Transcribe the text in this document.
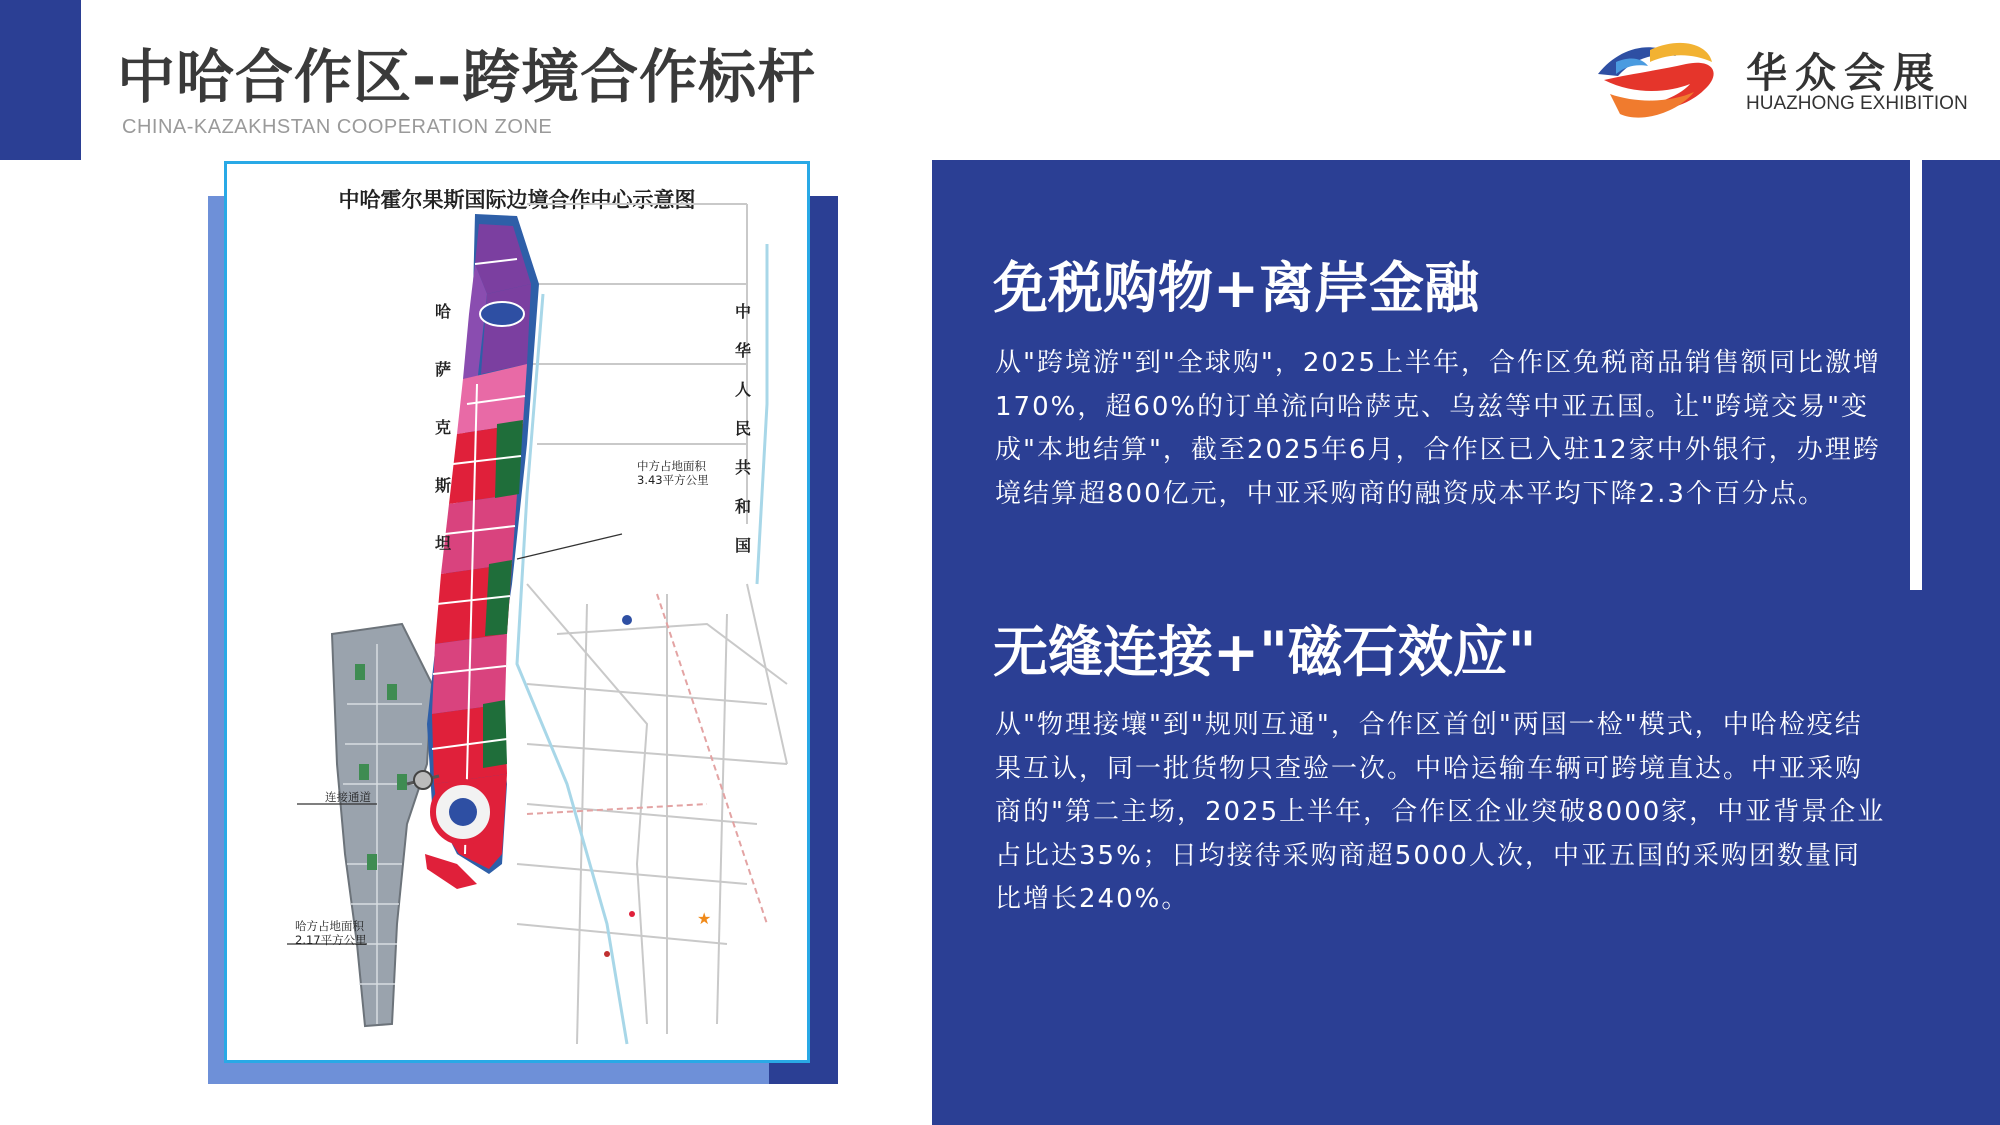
中哈合作区--跨境合作标杆
CHINA-KAZAKHSTAN COOPERATION ZONE
华众会展
HUAZHONG EXHIBITION
中哈霍尔果斯国际边境合作中心示意图
★
哈
萨
克
斯
坦
中
华
人
民
共
和
国
中方占地面积
3.43平方公里
连接通道
哈方占地面积
2.17平方公里
免税购物+离岸金融

从"跨境游"到"全球购"，2025上半年，合作区免税商品销售额同比激增170%，超60%的订单流向哈萨克、乌兹等中亚五国。让"跨境交易"变成"本地结算"，截至2025年6月，合作区已入驻12家中外银行，办理跨境结算超800亿元，中亚采购商的融资成本平均下降2.3个百分点。

无缝连接+"磁石效应"

从"物理接壤"到"规则互通"，合作区首创"两国一检"模式，中哈检疫结果互认，同一批货物只查验一次。中哈运输车辆可跨境直达。中亚采购商的"第二主场，2025上半年，合作区企业突破8000家，中亚背景企业占比达35%；日均接待采购商超5000人次，中亚五国的采购团数量同比增长240%。
